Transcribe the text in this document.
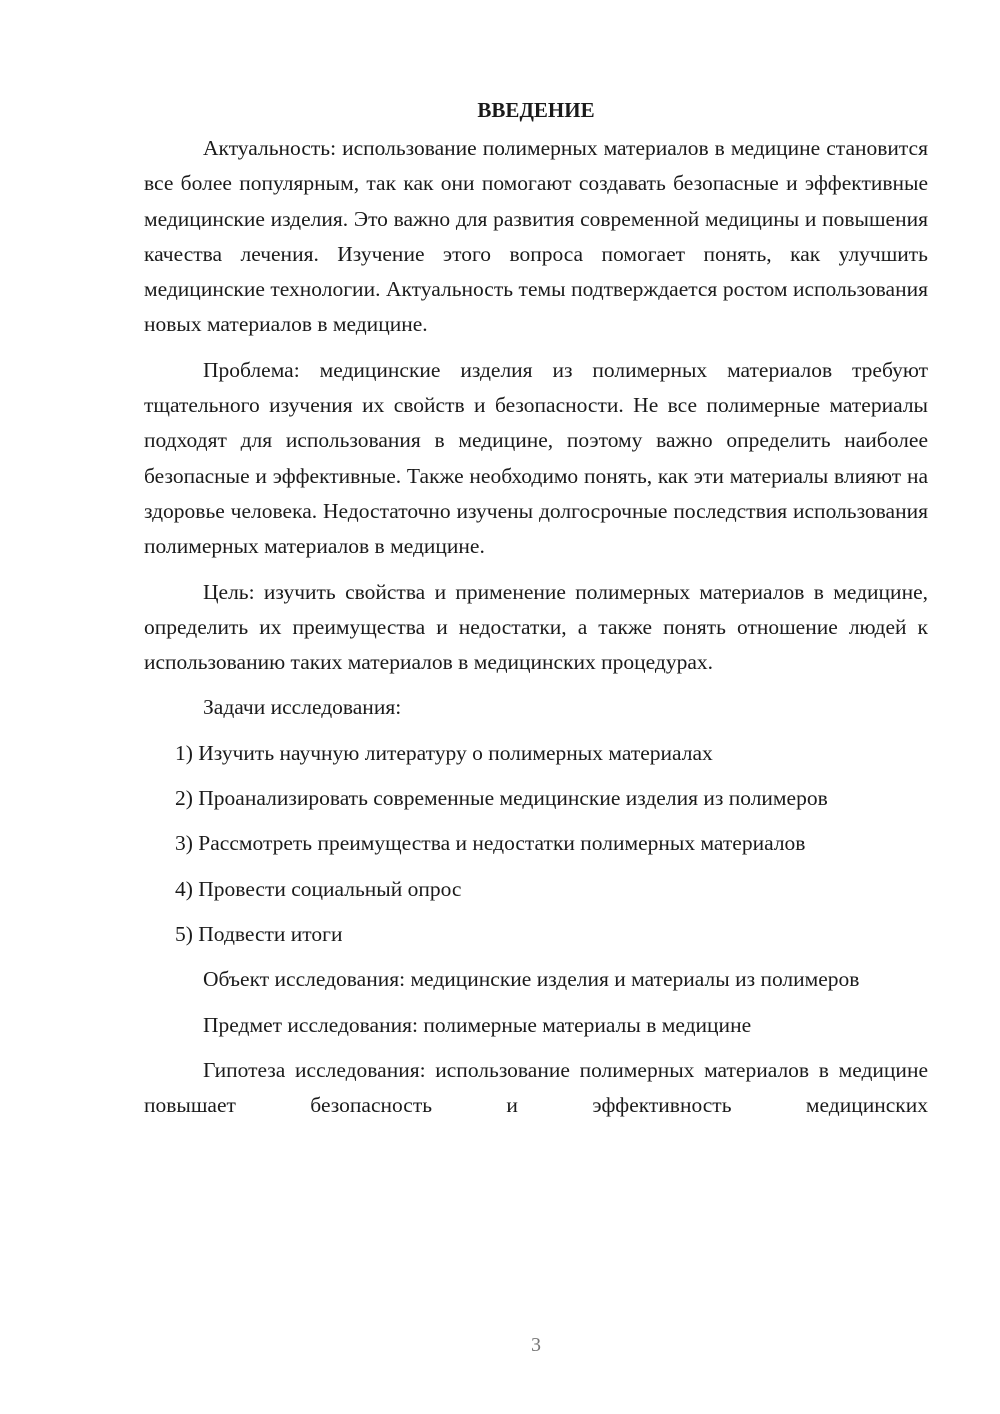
ВВЕДЕНИЕ

Актуальность: использование полимерных материалов в медицине становится все более популярным, так как они помогают создавать безопасные и эффективные медицинские изделия. Это важно для развития современной медицины и повышения качества лечения. Изучение этого вопроса помогает понять, как улучшить медицинские технологии. Актуальность темы подтверждается ростом использования новых материалов в медицине.

Проблема: медицинские изделия из полимерных материалов требуют тщательного изучения их свойств и безопасности. Не все полимерные материалы подходят для использования в медицине, поэтому важно определить наиболее безопасные и эффективные. Также необходимо понять, как эти материалы влияют на здоровье человека. Недостаточно изучены долгосрочные последствия использования полимерных материалов в медицине.

Цель: изучить свойства и применение полимерных материалов в медицине, определить их преимущества и недостатки, а также понять отношение людей к использованию таких материалов в медицинских процедурах.

Задачи исследования:

1) Изучить научную литературу о полимерных материалах

2) Проанализировать современные медицинские изделия из полимеров

3) Рассмотреть преимущества и недостатки полимерных материалов

4) Провести социальный опрос

5) Подвести итоги

Объект исследования: медицинские изделия и материалы из полимеров

Предмет исследования: полимерные материалы в медицине

Гипотеза исследования: использование полимерных материалов в медицине повышает безопасность и эффективность медицинских

3
